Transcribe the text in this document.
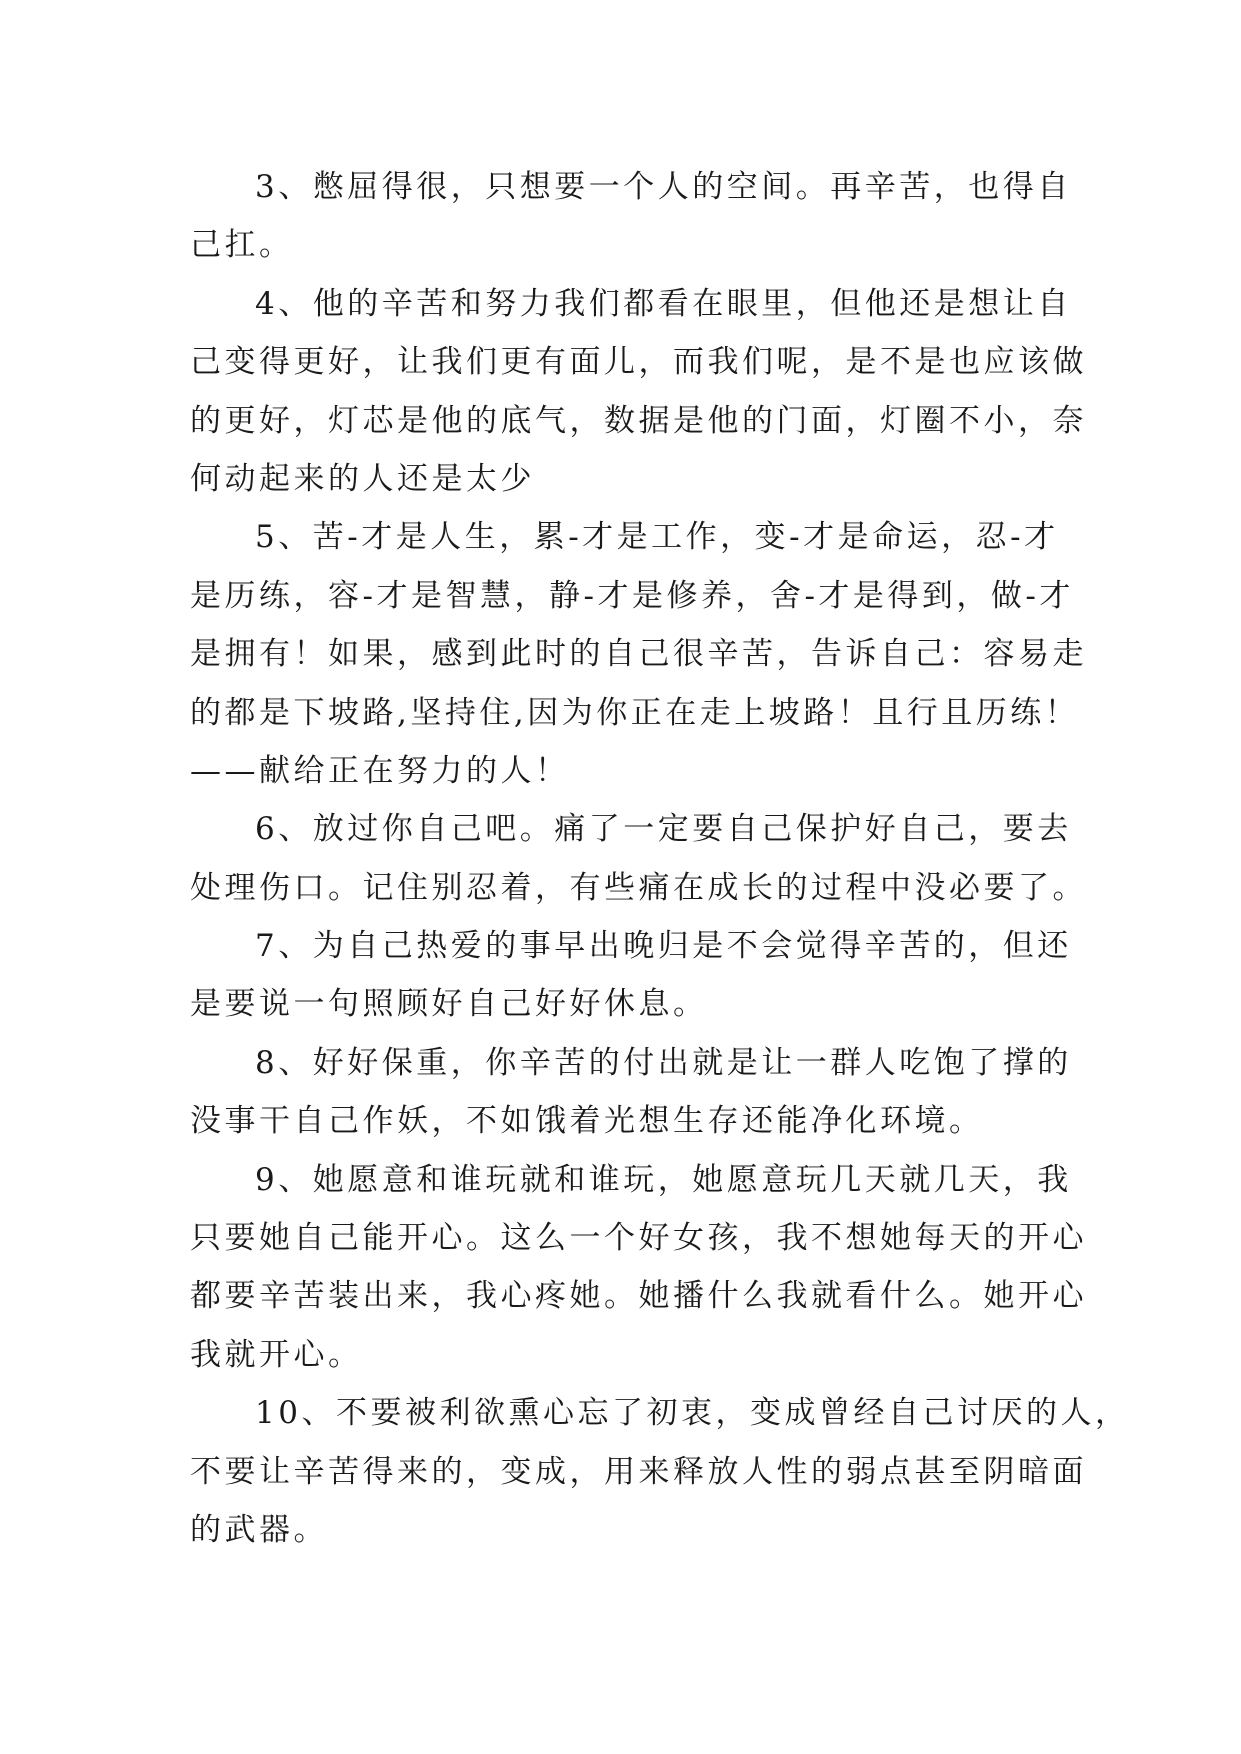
3、憋屈得很，只想要一个人的空间。再辛苦，也得自
己扛。
4、他的辛苦和努力我们都看在眼里，但他还是想让自
己变得更好，让我们更有面儿，而我们呢，是不是也应该做
的更好，灯芯是他的底气，数据是他的门面，灯圈不小，奈
何动起来的人还是太少
5、苦-才是人生，累-才是工作，变-才是命运，忍-才
是历练，容-才是智慧，静-才是修养，舍-才是得到，做-才
是拥有！如果，感到此时的自己很辛苦，告诉自己：容易走
的都是下坡路,坚持住,因为你正在走上坡路！且行且历练！
——献给正在努力的人！
6、放过你自己吧。痛了一定要自己保护好自己，要去
处理伤口。记住别忍着，有些痛在成长的过程中没必要了。
7、为自己热爱的事早出晚归是不会觉得辛苦的，但还
是要说一句照顾好自己好好休息。
8、好好保重，你辛苦的付出就是让一群人吃饱了撑的
没事干自己作妖，不如饿着光想生存还能净化环境。
9、她愿意和谁玩就和谁玩，她愿意玩几天就几天，我
只要她自己能开心。这么一个好女孩，我不想她每天的开心
都要辛苦装出来，我心疼她。她播什么我就看什么。她开心
我就开心。
10、不要被利欲熏心忘了初衷，变成曾经自己讨厌的人，
不要让辛苦得来的，变成，用来释放人性的弱点甚至阴暗面
的武器。
